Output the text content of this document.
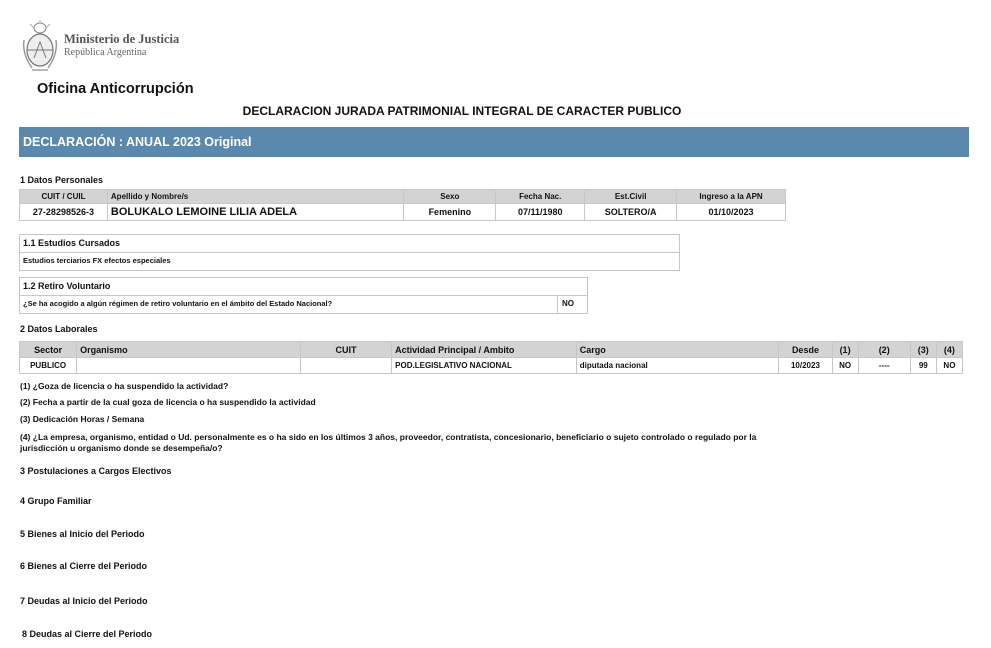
Ministerio de Justicia
República Argentina
Oficina Anticorrupción
DECLARACION JURADA PATRIMONIAL INTEGRAL DE CARACTER PUBLICO
DECLARACIÓN : ANUAL 2023 Original
1 Datos Personales
CUIT / CUIL	Apellido y Nombre/s	Sexo	Fecha Nac.	Est.Civil	Ingreso a la APN
27-28298526-3	BOLUKALO LEMOINE LILIA ADELA	Femenino	07/11/1980	SOLTERO/A	01/10/2023
1.1 Estudios Cursados
Estudios terciarios FX efectos especiales
1.2 Retiro Voluntario
¿Se ha acogido a algún régimen de retiro voluntario en el ámbito del Estado Nacional?	NO
2 Datos Laborales
Sector	Organismo	CUIT	Actividad Principal / Ambito	Cargo	Desde	(1)	(2)	(3)	(4)
PUBLICO			POD.LEGISLATIVO NACIONAL	diputada nacional	10/2023	NO	----	99	NO
(1) ¿Goza de licencia o ha suspendido la actividad?
(2) Fecha a partir de la cual goza de licencia o ha suspendido la actividad
(3) Dedicación Horas / Semana
(4) ¿La empresa, organismo, entidad o Ud. personalmente es o ha sido en los últimos 3 años, proveedor, contratista, concesionario, beneficiario o sujeto controlado o regulado por la
jurisdicción u organismo donde se desempeña/o?
3 Postulaciones a Cargos Electivos
4 Grupo Familiar
5 Bienes al Inicio del Periodo
6 Bienes al Cierre del Periodo
7 Deudas al Inicio del Periodo
8 Deudas al Cierre del Periodo
